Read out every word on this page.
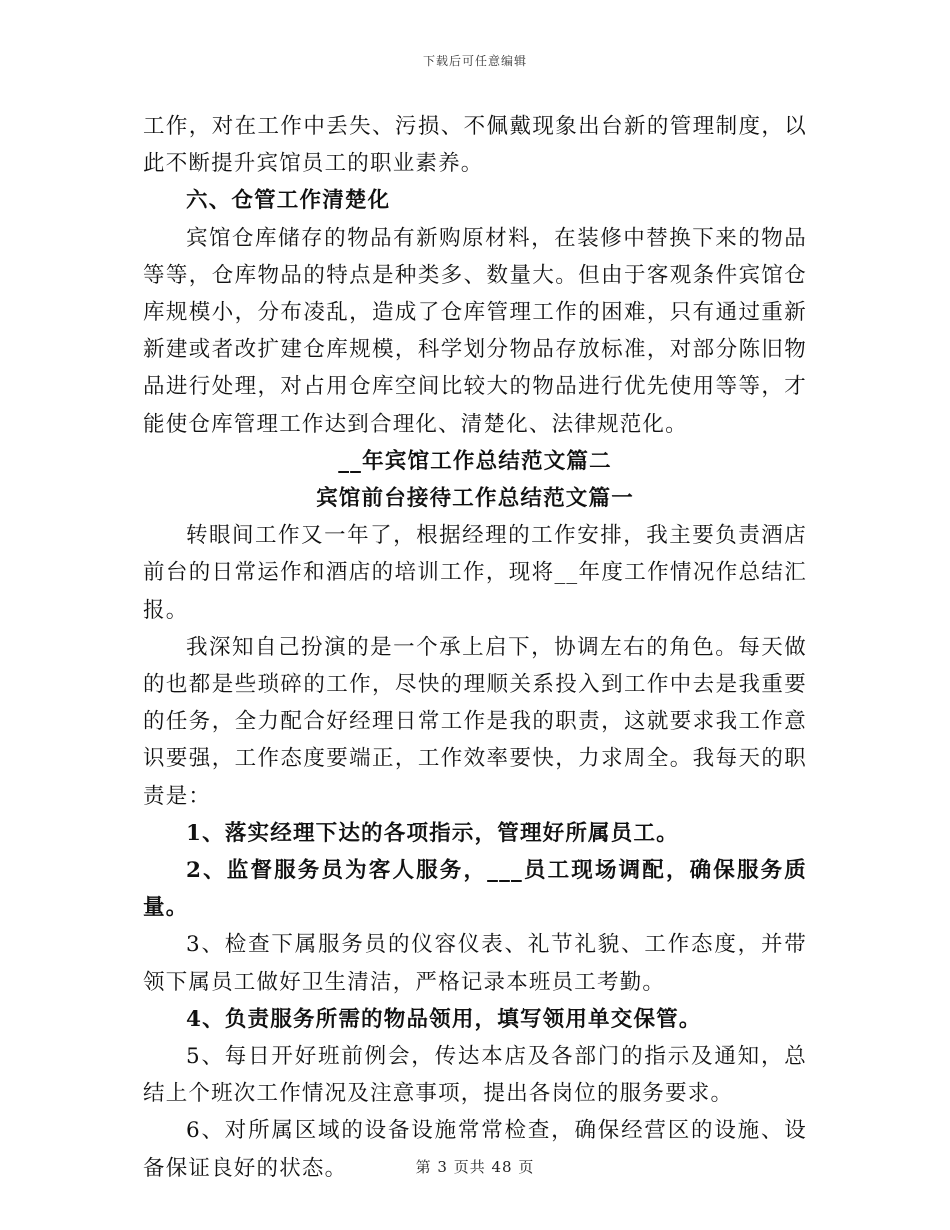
下载后可任意编辑

工作，对在工作中丢失、污损、不佩戴现象出台新的管理制度，以此不断提升宾馆员工的职业素养。

六、仓管工作清楚化

宾馆仓库储存的物品有新购原材料，在装修中替换下来的物品等等，仓库物品的特点是种类多、数量大。但由于客观条件宾馆仓库规模小，分布凌乱，造成了仓库管理工作的困难，只有通过重新新建或者改扩建仓库规模，科学划分物品存放标准，对部分陈旧物品进行处理，对占用仓库空间比较大的物品进行优先使用等等，才能使仓库管理工作达到合理化、清楚化、法律规范化。

__年宾馆工作总结范文篇二

宾馆前台接待工作总结范文篇一

转眼间工作又一年了，根据经理的工作安排，我主要负责酒店前台的日常运作和酒店的培训工作，现将__年度工作情况作总结汇报。

我深知自己扮演的是一个承上启下，协调左右的角色。每天做的也都是些琐碎的工作，尽快的理顺关系投入到工作中去是我重要的任务，全力配合好经理日常工作是我的职责，这就要求我工作意识要强，工作态度要端正，工作效率要快，力求周全。我每天的职责是：

1、落实经理下达的各项指示，管理好所属员工。

2、监督服务员为客人服务，___员工现场调配，确保服务质量。

3、检查下属服务员的仪容仪表、礼节礼貌、工作态度，并带领下属员工做好卫生清洁，严格记录本班员工考勤。

4、负责服务所需的物品领用，填写领用单交保管。

5、每日开好班前例会，传达本店及各部门的指示及通知，总结上个班次工作情况及注意事项，提出各岗位的服务要求。

6、对所属区域的设备设施常常检查，确保经营区的设施、设备保证良好的状态。	第 3 页共 48 页
